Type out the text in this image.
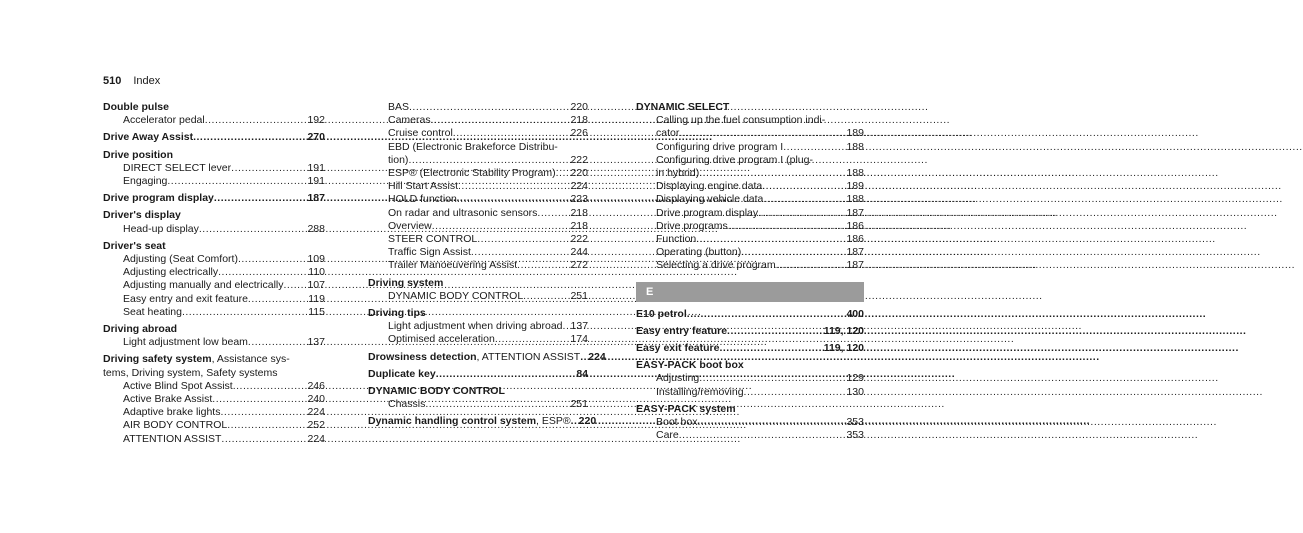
510 Index
Double pulse
Accelerator pedal .....	192
Drive Away Assist .....	270
Drive position
DIRECT SELECT lever .....	191
Engaging .....	191
Drive program display .....	187
Driver's display
Head-up display .....	288
Driver's seat
Adjusting (Seat Comfort) .....	109
Adjusting electrically .....	110
Adjusting manually and electrically ..... 107
Easy entry and exit feature .....	119
Seat heating .....	115
Driving abroad
Light adjustment low beam .....	137
Driving safety system , Assistance sys-
tems, Driving system, Safety systems
Active Blind Spot Assist .....	246
Active Brake Assist .....	240
Adaptive brake lights .....	224
AIR BODY CONTROL .....	252
ATTENTION ASSIST .....	224
BAS .....	220
Cameras .....	218
Cruise control .....	226
EBD (Electronic Brakeforce Distribu-
tion) .....	222
ESP® (Electronic Stability Program) ..... 220
Hill Start Assist .....	224
HOLD function .....	223
On radar and ultrasonic sensors .....	218
Overview .....	218
STEER CONTROL .....	222
Traffic Sign Assist .....	244
Trailer Manoeuvering Assist .....	272
Driving system
DYNAMIC BODY CONTROL .....	251
Driving tips
Light adjustment when driving abroad ..... 137
Optimised acceleration .....	174
Drowsiness detection , ATTENTION ASSIST ..... 224
Duplicate key .....	84
DYNAMIC BODY CONTROL
Chassis .....	251
Dynamic handling control system , ESP® ..... 220
DYNAMIC SELECT
Calling up the fuel consumption indi-
cator .....	189
Configuring drive program I .....	188
Configuring drive program I (plug-
in hybrid) .....	188
Displaying engine data .....	189
Displaying vehicle data .....	188
Drive program display .....	187
Drive programs .....	186
Function .....	186
Operating (button) .....	187
Selecting a drive program .....	187
E
E10 petrol .....	400
Easy entry feature .....	119, 120
Easy exit feature .....	119, 120
EASY-PACK boot box
Adjusting .....	129
Installing/removing .....	130
EASY-PACK system
Boot box .....	353
Care .....	353
